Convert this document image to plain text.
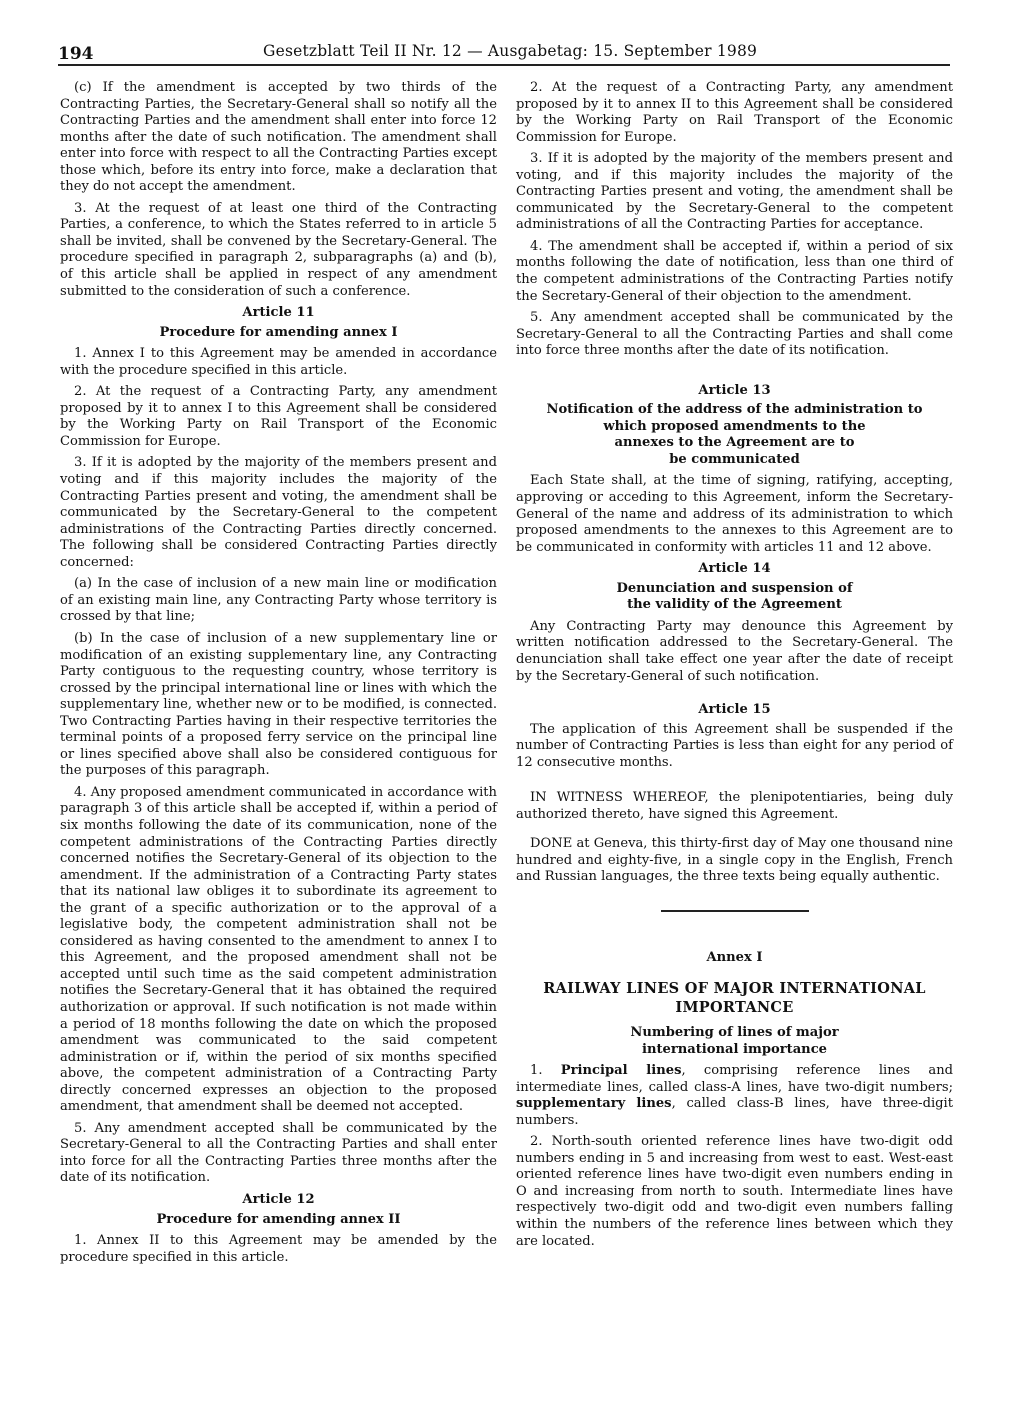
194	Gesetzblatt Teil II Nr. 12 — Ausgabetag: 15. September 1989

(c) If the amendment is accepted by two thirds of the Contracting Parties, the Secretary-General shall so notify all the Contracting Parties and the amendment shall enter into force 12 months after the date of such notification. The amendment shall enter into force with respect to all the Contracting Parties except those which, before its entry into force, make a declaration that they do not accept the amendment.

3. At the request of at least one third of the Contracting Parties, a conference, to which the States referred to in article 5 shall be invited, shall be convened by the Secretary-General. The procedure specified in paragraph 2, subparagraphs (a) and (b), of this article shall be applied in respect of any amendment submitted to the consideration of such a conference.

Article 11
Procedure for amending annex I

1. Annex I to this Agreement may be amended in accordance with the procedure specified in this article.

2. At the request of a Contracting Party, any amendment proposed by it to annex I to this Agreement shall be considered by the Working Party on Rail Transport of the Economic Commission for Europe.

3. If it is adopted by the majority of the members present and voting and if this majority includes the majority of the Contracting Parties present and voting, the amendment shall be communicated by the Secretary-General to the competent administrations of the Contracting Parties directly concerned. The following shall be considered Contracting Parties directly concerned:

(a) In the case of inclusion of a new main line or modification of an existing main line, any Contracting Party whose territory is crossed by that line;

(b) In the case of inclusion of a new supplementary line or modification of an existing supplementary line, any Contracting Party contiguous to the requesting country, whose territory is crossed by the principal international line or lines with which the supplementary line, whether new or to be modified, is connected. Two Contracting Parties having in their respective territories the terminal points of a proposed ferry service on the principal line or lines specified above shall also be considered contiguous for the purposes of this paragraph.

4. Any proposed amendment communicated in accordance with paragraph 3 of this article shall be accepted if, within a period of six months following the date of its communication, none of the competent administrations of the Contracting Parties directly concerned notifies the Secretary-General of its objection to the amendment. If the administration of a Contracting Party states that its national law obliges it to subordinate its agreement to the grant of a specific authorization or to the approval of a legislative body, the competent administration shall not be considered as having consented to the amendment to annex I to this Agreement, and the proposed amendment shall not be accepted until such time as the said competent administration notifies the Secretary-General that it has obtained the required authorization or approval. If such notification is not made within a period of 18 months following the date on which the proposed amendment was communicated to the said competent administration or if, within the period of six months specified above, the competent administration of a Contracting Party directly concerned expresses an objection to the proposed amendment, that amendment shall be deemed not accepted.

5. Any amendment accepted shall be communicated by the Secretary-General to all the Contracting Parties and shall enter into force for all the Contracting Parties three months after the date of its notification.

Article 12
Procedure for amending annex II

1. Annex II to this Agreement may be amended by the procedure specified in this article.

2. At the request of a Contracting Party, any amendment proposed by it to annex II to this Agreement shall be considered by the Working Party on Rail Transport of the Economic Commission for Europe.

3. If it is adopted by the majority of the members present and voting, and if this majority includes the majority of the Contracting Parties present and voting, the amendment shall be communicated by the Secretary-General to the competent administrations of all the Contracting Parties for acceptance.

4. The amendment shall be accepted if, within a period of six months following the date of notification, less than one third of the competent administrations of the Contracting Parties notify the Secretary-General of their objection to the amendment.

5. Any amendment accepted shall be communicated by the Secretary-General to all the Contracting Parties and shall come into force three months after the date of its notification.

Article 13
Notification of the address of the administration to
which proposed amendments to the
annexes to the Agreement are to
be communicated

Each State shall, at the time of signing, ratifying, accepting, approving or acceding to this Agreement, inform the Secretary-General of the name and address of its administration to which proposed amendments to the annexes to this Agreement are to be communicated in conformity with articles 11 and 12 above.

Article 14
Denunciation and suspension of
the validity of the Agreement

Any Contracting Party may denounce this Agreement by written notification addressed to the Secretary-General. The denunciation shall take effect one year after the date of receipt by the Secretary-General of such notification.

Article 15

The application of this Agreement shall be suspended if the number of Contracting Parties is less than eight for any period of 12 consecutive months.

IN WITNESS WHEREOF, the plenipotentiaries, being duly authorized thereto, have signed this Agreement.

DONE at Geneva, this thirty-first day of May one thousand nine hundred and eighty-five, in a single copy in the English, French and Russian languages, the three texts being equally authentic.

Annex I
RAILWAY LINES OF MAJOR INTERNATIONAL
IMPORTANCE
Numbering of lines of major
international importance

1. Principal lines, comprising reference lines and intermediate lines, called class-A lines, have two-digit numbers; supplementary lines, called class-B lines, have three-digit numbers.

2. North-south oriented reference lines have two-digit odd numbers ending in 5 and increasing from west to east. West-east oriented reference lines have two-digit even numbers ending in O and increasing from north to south. Intermediate lines have respectively two-digit odd and two-digit even numbers falling within the numbers of the reference lines between which they are located.
